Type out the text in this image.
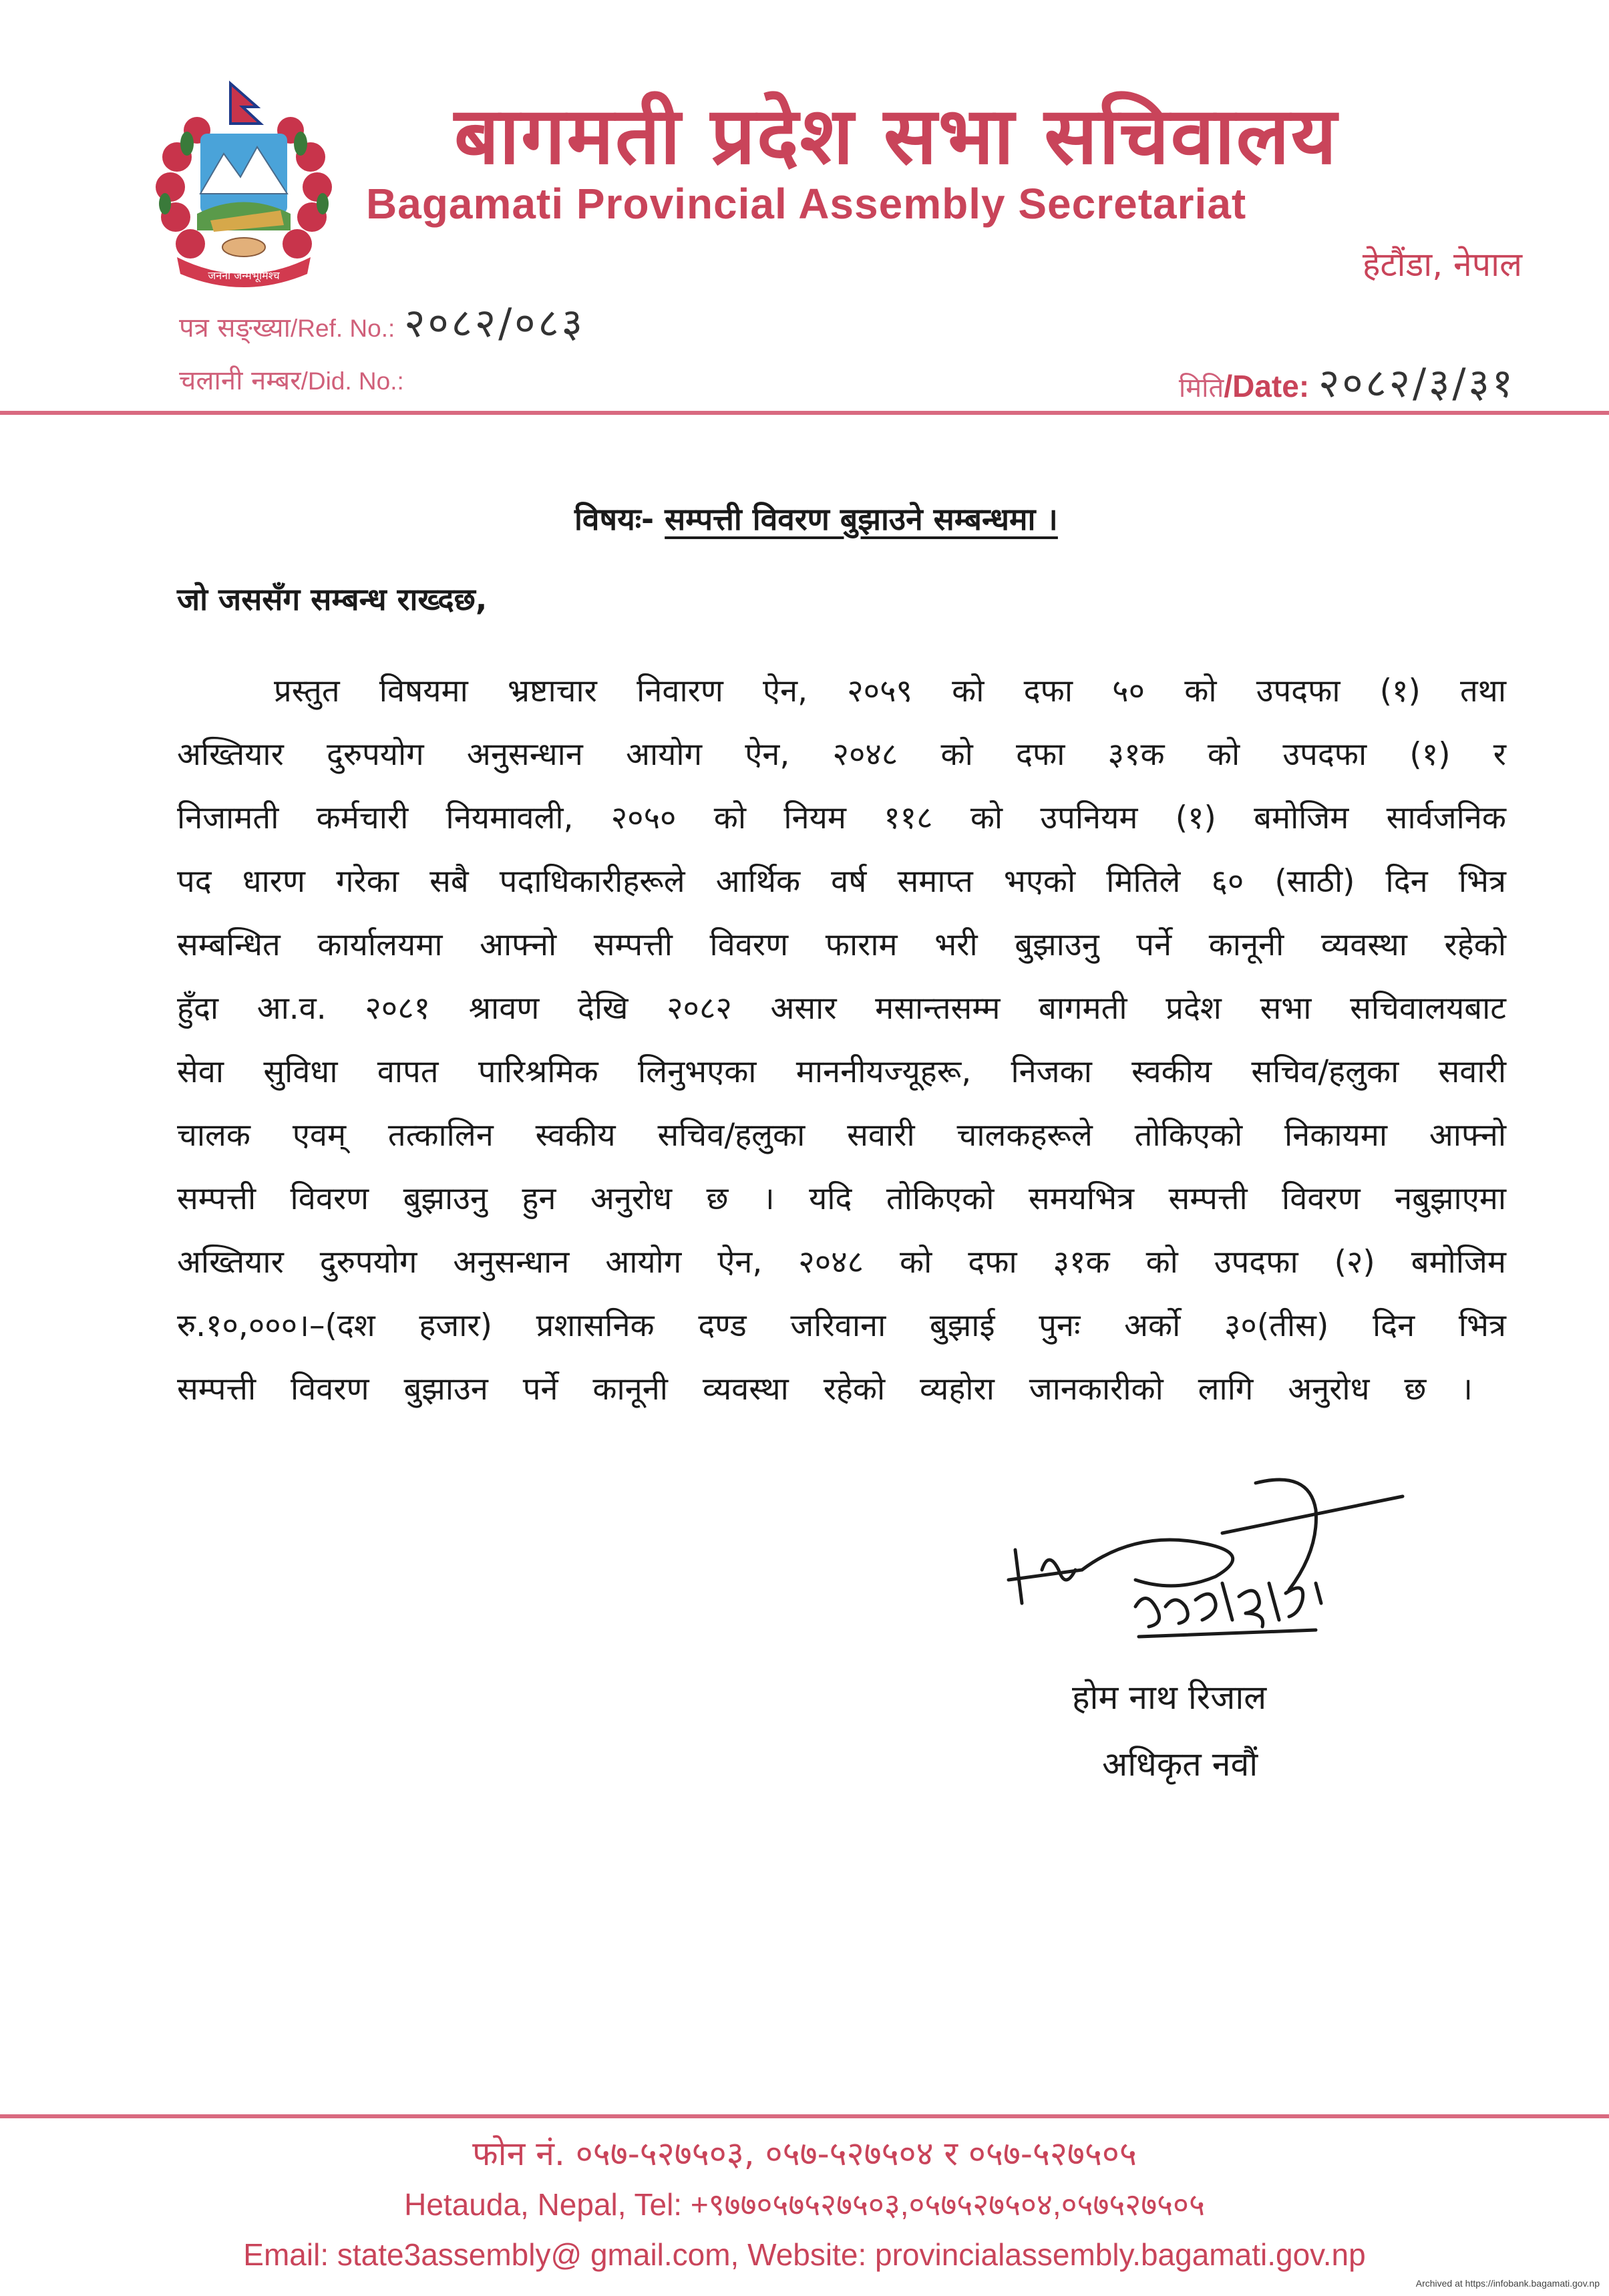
जननी जन्मभूमिश्च
बागमती प्रदेश सभा सचिवालय
Bagamati Provincial Assembly Secretariat
हेटौंडा, नेपाल
पत्र सङ्ख्या/Ref. No.: २०८२/०८३
चलानी नम्बर/Did. No.:	मिति/Date: २०८२/३/३१
विषयः- सम्पत्ती विवरण बुझाउने सम्बन्धमा ।
जो जससँग सम्बन्ध राख्दछ,
प्रस्तुत विषयमा भ्रष्टाचार निवारण ऐन, २०५९ को दफा ५० को उपदफा (१) तथा
अख्तियार दुरुपयोग अनुसन्धान आयोग ऐन, २०४८ को दफा ३१क को उपदफा (१) र
निजामती कर्मचारी नियमावली, २०५० को नियम ११८ को उपनियम (१) बमोजिम सार्वजनिक
पद धारण गरेका सबै पदाधिकारीहरूले आर्थिक वर्ष समाप्त भएको मितिले ६० (साठी) दिन भित्र
सम्बन्धित कार्यालयमा आफ्नो सम्पत्ती विवरण फाराम भरी बुझाउनु पर्ने कानूनी व्यवस्था रहेको
हुँदा आ.व. २०८१ श्रावण देखि २०८२ असार मसान्तसम्म बागमती प्रदेश सभा सचिवालयबाट
सेवा सुविधा वापत पारिश्रमिक लिनुभएका माननीयज्यूहरू, निजका स्वकीय सचिव/हलुका सवारी
चालक एवम् तत्कालिन स्वकीय सचिव/हलुका सवारी चालकहरूले तोकिएको निकायमा आफ्नो
सम्पत्ती विवरण बुझाउनु हुन अनुरोध छ । यदि तोकिएको समयभित्र सम्पत्ती विवरण नबुझाएमा
अख्तियार दुरुपयोग अनुसन्धान आयोग ऐन, २०४८ को दफा ३१क को उपदफा (२) बमोजिम
रु.१०,०००।–(दश हजार) प्रशासनिक दण्ड जरिवाना बुझाई पुनः अर्को ३०(तीस) दिन भित्र
सम्पत्ती विवरण बुझाउन पर्ने कानूनी व्यवस्था रहेको व्यहोरा जानकारीको लागि अनुरोध छ ।
होम नाथ रिजाल
अधिकृत नवौं
फोन नं. ०५७-५२७५०३, ०५७-५२७५०४ र ०५७-५२७५०५
Hetauda, Nepal, Tel: +९७७०५७५२७५०३,०५७५२७५०४,०५७५२७५०५
Email: state3assembly@ gmail.com, Website: provincialassembly.bagamati.gov.np
Archived at https://infobank.bagamati.gov.np
